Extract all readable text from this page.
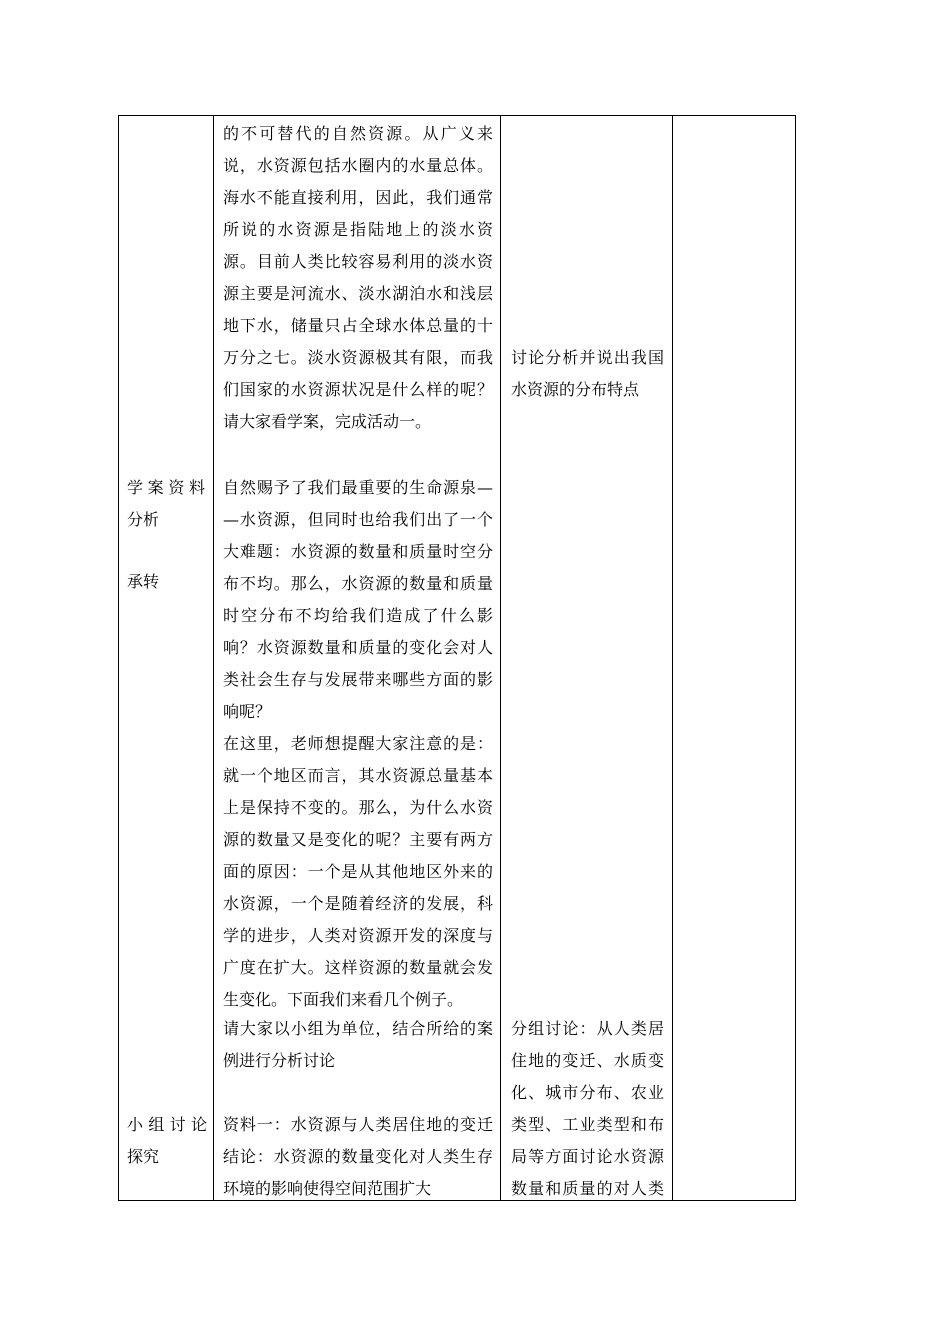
学案资料
分析
承转
小组讨论
探究
的不可替代的自然资源。从广义来
说，水资源包括水圈内的水量总体。
海水不能直接利用，因此，我们通常
所说的水资源是指陆地上的淡水资
源。目前人类比较容易利用的淡水资
源主要是河流水、淡水湖泊水和浅层
地下水，储量只占全球水体总量的十
万分之七。淡水资源极其有限，而我
们国家的水资源状况是什么样的呢？
请大家看学案，完成活动一。
自然赐予了我们最重要的生命源泉—
—水资源，但同时也给我们出了一个
大难题：水资源的数量和质量时空分
布不均。那么，水资源的数量和质量
时空分布不均给我们造成了什么影
响？水资源数量和质量的变化会对人
类社会生存与发展带来哪些方面的影
响呢？
在这里，老师想提醒大家注意的是：
就一个地区而言，其水资源总量基本
上是保持不变的。那么，为什么水资
源的数量又是变化的呢？主要有两方
面的原因：一个是从其他地区外来的
水资源，一个是随着经济的发展，科
学的进步，人类对资源开发的深度与
广度在扩大。这样资源的数量就会发
生变化。下面我们来看几个例子。
请大家以小组为单位，结合所给的案
例进行分析讨论
资料一：水资源与人类居住地的变迁
结论：水资源的数量变化对人类生存
环境的影响使得空间范围扩大
讨论分析并说出我国
水资源的分布特点
分组讨论：从人类居
住地的变迁、水质变
化、城市分布、农业
类型、工业类型和布
局等方面讨论水资源
数量和质量的对人类
